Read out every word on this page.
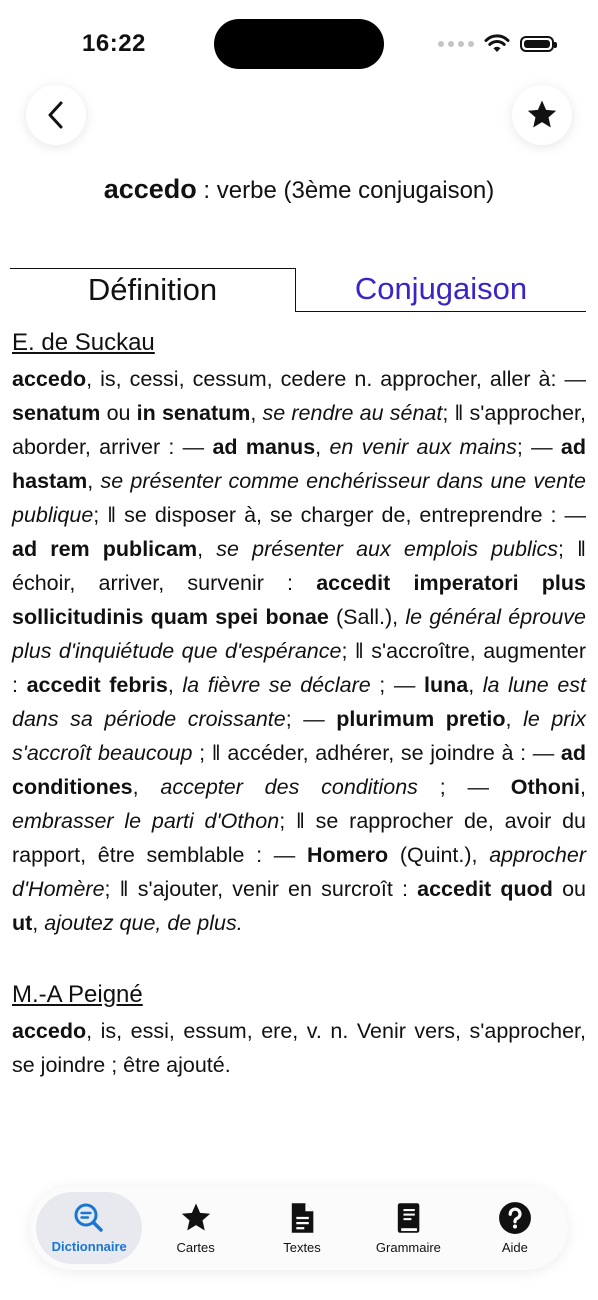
16:22
accedo : verbe (3ème conjugaison)
Définition	Conjugaison
E. de Suckau

accedo, is, cessi, cessum, cedere n. approcher, aller à: — senatum ou in senatum, se rendre au sénat; ǁ s'approcher, aborder, arriver : — ad manus, en venir aux mains; — ad hastam, se présenter comme enchérisseur dans une vente publique; ǁ se disposer à, se charger de, entreprendre : — ad rem publicam, se présenter aux emplois publics; ǁ échoir, arriver, survenir : accedit imperatori plus sollicitudinis quam spei bonae (Sall.), le général éprouve plus d'inquiétude que d'espérance; ǁ s'accroître, augmenter : accedit febris, la fièvre se déclare ; — luna, la lune est dans sa période croissante; — plurimum pretio, le prix s'accroît beaucoup ; ǁ accéder, adhérer, se joindre à : — ad conditiones, accepter des conditions ; — Othoni, embrasser le parti d'Othon; ǁ se rapprocher de, avoir du rapport, être semblable : — Homero (Quint.), approcher d'Homère; ǁ s'ajouter, venir en surcroît : accedit quod ou ut, ajoutez que, de plus.

M.-A Peigné

accedo, is, essi, essum, ere, v. n. Venir vers, s'approcher, se joindre ; être ajouté.

Dictionnaire	Cartes	Textes	Grammaire	Aide
